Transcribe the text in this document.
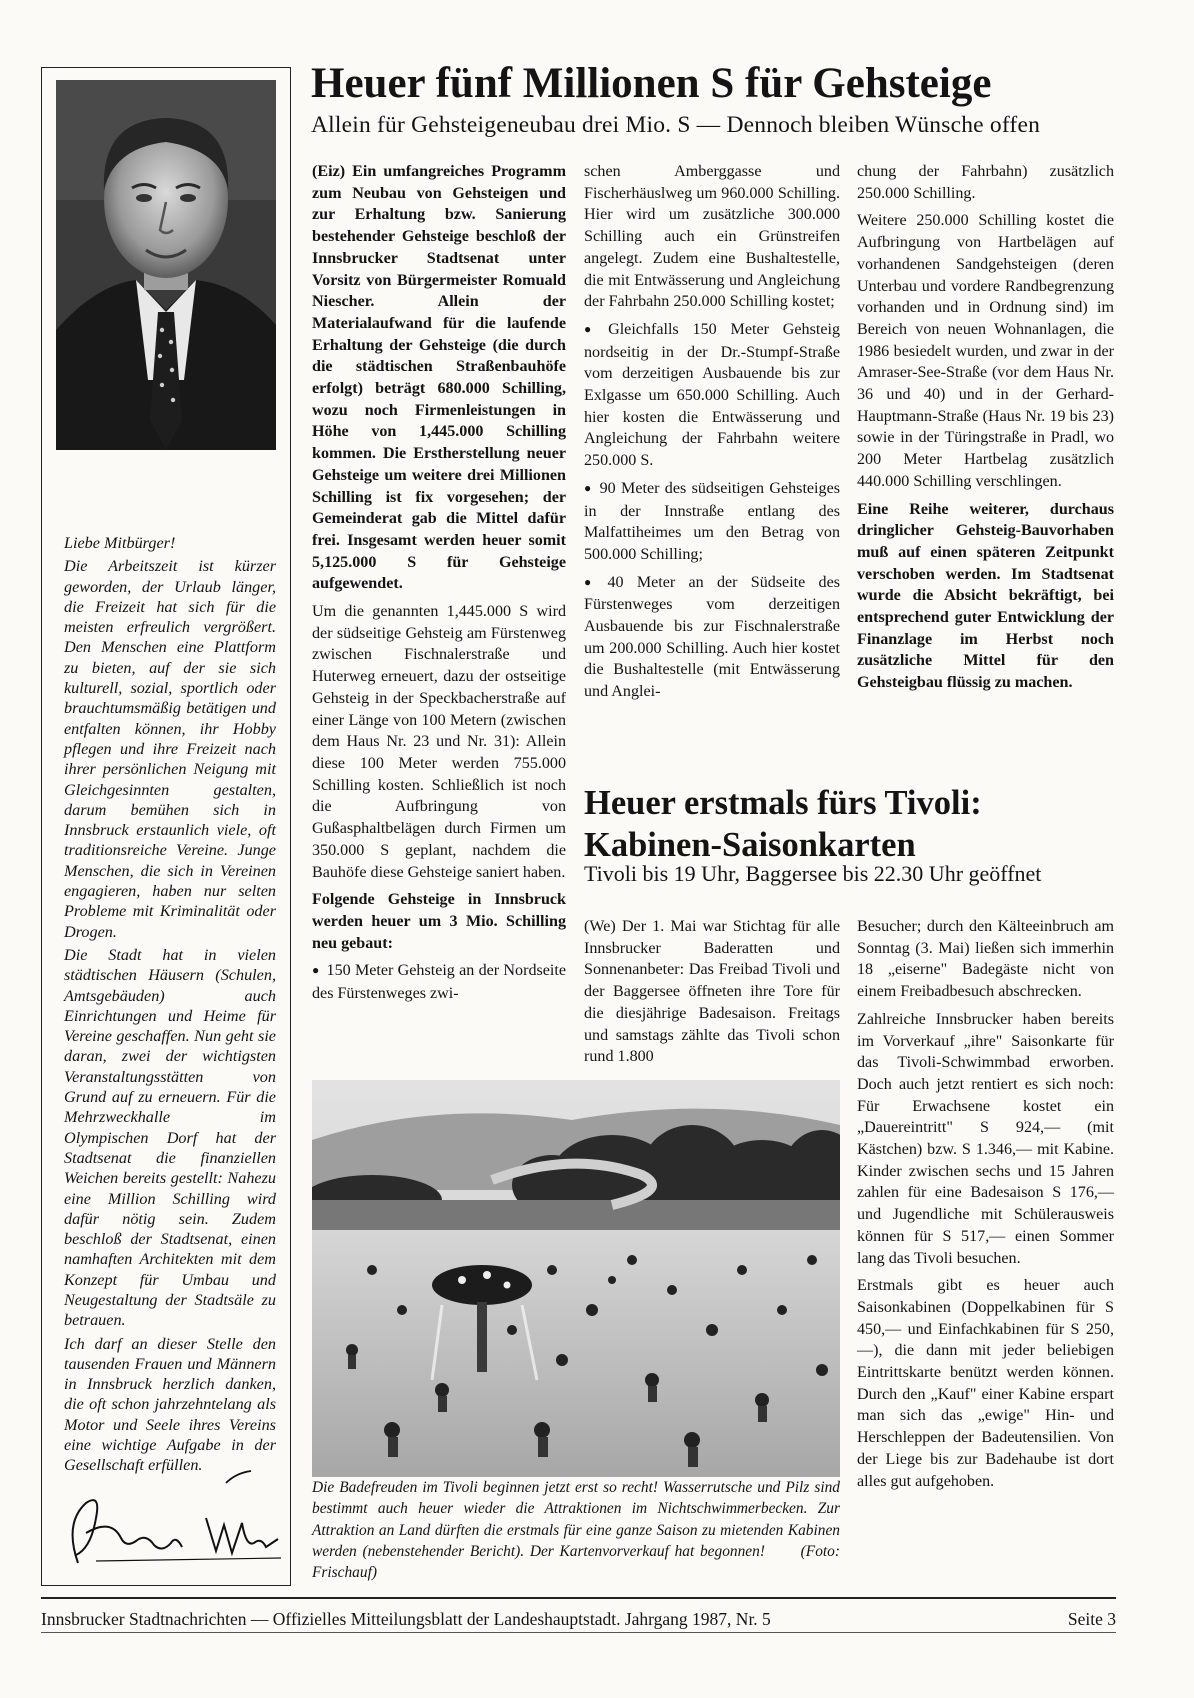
Liebe Mitbürger!

Die Arbeitszeit ist kürzer geworden, der Urlaub länger, die Freizeit hat sich für die meisten erfreulich vergrößert. Den Menschen eine Plattform zu bieten, auf der sie sich kulturell, sozial, sportlich oder brauchtumsmäßig betätigen und entfalten können, ihr Hobby pflegen und ihre Freizeit nach ihrer persönlichen Neigung mit Gleichgesinnten gestalten, darum bemühen sich in Innsbruck erstaunlich viele, oft traditionsreiche Vereine. Junge Menschen, die sich in Vereinen engagieren, haben nur selten Probleme mit Kriminalität oder Drogen.

Die Stadt hat in vielen städtischen Häusern (Schulen, Amtsgebäuden) auch Einrichtungen und Heime für Vereine geschaffen. Nun geht sie daran, zwei der wichtigsten Veranstaltungsstätten von Grund auf zu erneuern. Für die Mehrzweckhalle im Olympischen Dorf hat der Stadtsenat die finanziellen Weichen bereits gestellt: Nahezu eine Million Schilling wird dafür nötig sein. Zudem beschloß der Stadtsenat, einen namhaften Architekten mit dem Konzept für Umbau und Neugestaltung der Stadtsäle zu betrauen.

Ich darf an dieser Stelle den tausenden Frauen und Männern in Innsbruck herzlich danken, die oft schon jahrzehntelang als Motor und Seele ihres Vereins eine wichtige Aufgabe in der Gesellschaft erfüllen.

Heuer fünf Millionen S für Gehsteige
Allein für Gehsteigeneubau drei Mio. S — Dennoch bleiben Wünsche offen

(Eiz) Ein umfangreiches Programm zum Neubau von Gehsteigen und zur Erhaltung bzw. Sanierung bestehender Gehsteige beschloß der Innsbrucker Stadtsenat unter Vorsitz von Bürgermeister Romuald Niescher. Allein der Materialaufwand für die laufende Erhaltung der Gehsteige (die durch die städtischen Straßenbauhöfe erfolgt) beträgt 680.000 Schilling, wozu noch Firmenleistungen in Höhe von 1,445.000 Schilling kommen. Die Erstherstellung neuer Gehsteige um weitere drei Millionen Schilling ist fix vorgesehen; der Gemeinderat gab die Mittel dafür frei. Insgesamt werden heuer somit 5,125.000 S für Gehsteige aufgewendet.

Um die genannten 1,445.000 S wird der südseitige Gehsteig am Fürstenweg zwischen Fischnalerstraße und Huterweg erneuert, dazu der ostseitige Gehsteig in der Speckbacherstraße auf einer Länge von 100 Metern (zwischen dem Haus Nr. 23 und Nr. 31): Allein diese 100 Meter werden 755.000 Schilling kosten. Schließlich ist noch die Aufbringung von Gußasphaltbelägen durch Firmen um 350.000 S geplant, nachdem die Bauhöfe diese Gehsteige saniert haben.

Folgende Gehsteige in Innsbruck werden heuer um 3 Mio. Schilling neu gebaut:

● 150 Meter Gehsteig an der Nordseite des Fürstenweges zwi-

schen Amberggasse und Fischerhäuslweg um 960.000 Schilling. Hier wird um zusätzliche 300.000 Schilling auch ein Grünstreifen angelegt. Zudem eine Bushaltestelle, die mit Entwässerung und Angleichung der Fahrbahn 250.000 Schilling kostet;

● Gleichfalls 150 Meter Gehsteig nordseitig in der Dr.-Stumpf-Straße vom derzeitigen Ausbauende bis zur Exlgasse um 650.000 Schilling. Auch hier kosten die Entwässerung und Angleichung der Fahrbahn weitere 250.000 S.

● 90 Meter des südseitigen Gehsteiges in der Innstraße entlang des Malfattiheimes um den Betrag von 500.000 Schilling;

● 40 Meter an der Südseite des Fürstenweges vom derzeitigen Ausbauende bis zur Fischnalerstraße um 200.000 Schilling. Auch hier kostet die Bushaltestelle (mit Entwässerung und Anglei-

chung der Fahrbahn) zusätzlich 250.000 Schilling.

Weitere 250.000 Schilling kostet die Aufbringung von Hartbelägen auf vorhandenen Sandgehsteigen (deren Unterbau und vordere Randbegrenzung vorhanden und in Ordnung sind) im Bereich von neuen Wohnanlagen, die 1986 besiedelt wurden, und zwar in der Amraser-See-Straße (vor dem Haus Nr. 36 und 40) und in der Gerhard-Hauptmann-Straße (Haus Nr. 19 bis 23) sowie in der Türingstraße in Pradl, wo 200 Meter Hartbelag zusätzlich 440.000 Schilling verschlingen.

Eine Reihe weiterer, durchaus dringlicher Gehsteig-Bauvorhaben muß auf einen späteren Zeitpunkt verschoben werden. Im Stadtsenat wurde die Absicht bekräftigt, bei entsprechend guter Entwicklung der Finanzlage im Herbst noch zusätzliche Mittel für den Gehsteigbau flüssig zu machen.

Heuer erstmals fürs Tivoli:
Kabinen-Saisonkarten
Tivoli bis 19 Uhr, Baggersee bis 22.30 Uhr geöffnet

(We) Der 1. Mai war Stichtag für alle Innsbrucker Baderatten und Sonnenanbeter: Das Freibad Tivoli und der Baggersee öffneten ihre Tore für die diesjährige Badesaison. Freitags und samstags zählte das Tivoli schon rund 1.800

Besucher; durch den Kälteeinbruch am Sonntag (3. Mai) ließen sich immerhin 18 „eiserne" Badegäste nicht von einem Freibadbesuch abschrecken.

Zahlreiche Innsbrucker haben bereits im Vorverkauf „ihre" Saisonkarte für das Tivoli-Schwimmbad erworben. Doch auch jetzt rentiert es sich noch: Für Erwachsene kostet ein „Dauereintritt" S 924,— (mit Kästchen) bzw. S 1.346,— mit Kabine. Kinder zwischen sechs und 15 Jahren zahlen für eine Badesaison S 176,— und Jugendliche mit Schülerausweis können für S 517,— einen Sommer lang das Tivoli besuchen.

Erstmals gibt es heuer auch Saisonkabinen (Doppelkabinen für S 450,— und Einfachkabinen für S 250,—), die dann mit jeder beliebigen Eintrittskarte benützt werden können. Durch den „Kauf" einer Kabine erspart man sich das „ewige" Hin- und Herschleppen der Badeutensilien. Von der Liege bis zur Badehaube ist dort alles gut aufgehoben.

Die Badefreuden im Tivoli beginnen jetzt erst so recht! Wasserrutsche und Pilz sind bestimmt auch heuer wieder die Attraktionen im Nichtschwimmerbecken. Zur Attraktion an Land dürften die erstmals für eine ganze Saison zu mietenden Kabinen werden (nebenstehender Bericht). Der Kartenvorverkauf hat begonnen! (Foto: Frischauf)
Innsbrucker Stadtnachrichten — Offizielles Mitteilungsblatt der Landeshauptstadt. Jahrgang 1987, Nr. 5	Seite 3
